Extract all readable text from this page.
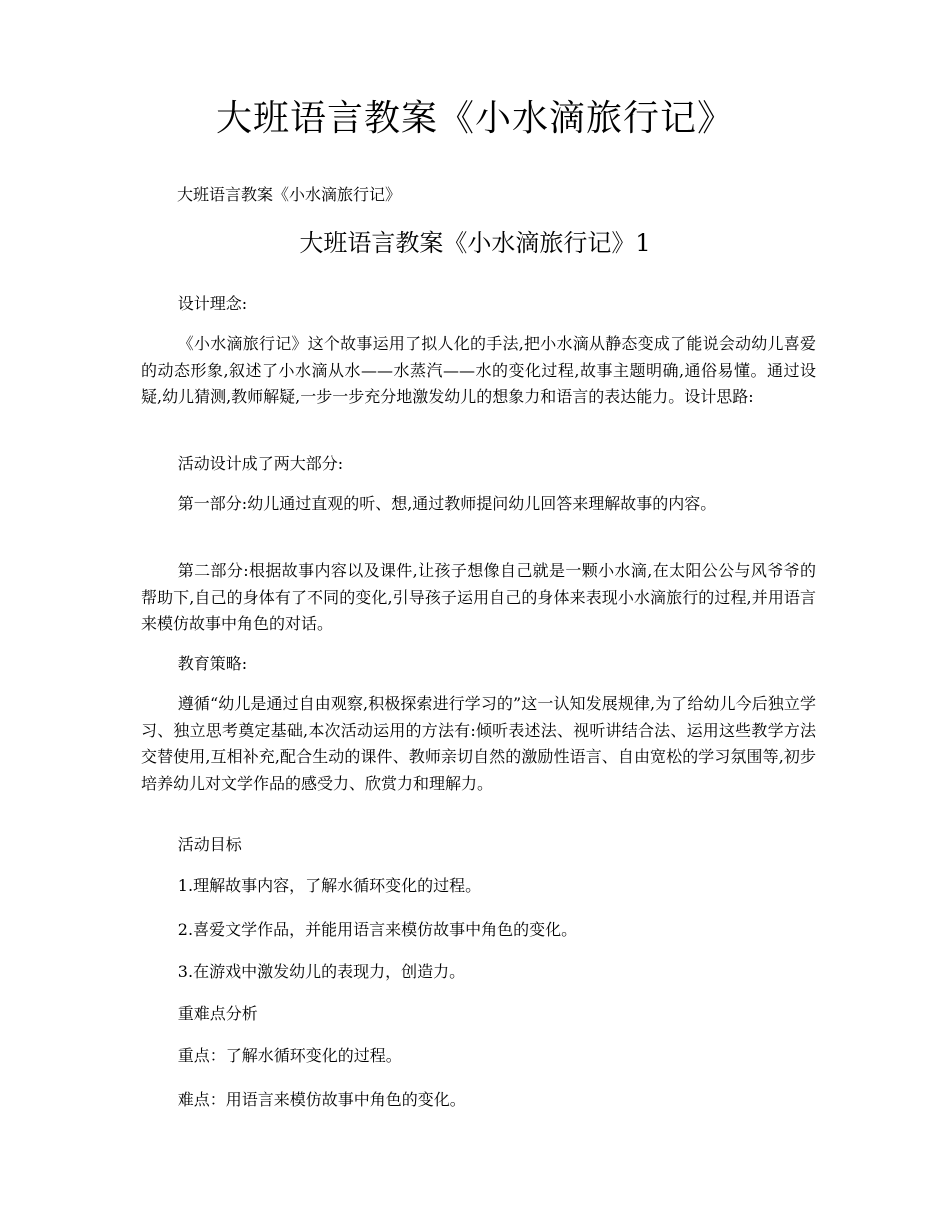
大班语言教案《小水滴旅行记》

大班语言教案《小水滴旅行记》

大班语言教案《小水滴旅行记》1

设计理念:

《小水滴旅行记》这个故事运用了拟人化的手法,把小水滴从静态变成了能说会动幼儿喜爱的动态形象,叙述了小水滴从水——水蒸汽——水的变化过程,故事主题明确,通俗易懂。通过设疑,幼儿猜测,教师解疑,一步一步充分地激发幼儿的想象力和语言的表达能力。设计思路:

活动设计成了两大部分:

第一部分:幼儿通过直观的听、想,通过教师提问幼儿回答来理解故事的内容。

第二部分:根据故事内容以及课件,让孩子想像自己就是一颗小水滴,在太阳公公与风爷爷的帮助下,自己的身体有了不同的变化,引导孩子运用自己的身体来表现小水滴旅行的过程,并用语言来模仿故事中角色的对话。

教育策略:

遵循“幼儿是通过自由观察,积极探索进行学习的”这一认知发展规律,为了给幼儿今后独立学习、独立思考奠定基础,本次活动运用的方法有:倾听表述法、视听讲结合法、运用这些教学方法交替使用,互相补充,配合生动的课件、教师亲切自然的激励性语言、自由宽松的学习氛围等,初步培养幼儿对文学作品的感受力、欣赏力和理解力。

活动目标

1.理解故事内容，了解水循环变化的过程。

2.喜爱文学作品，并能用语言来模仿故事中角色的变化。

3.在游戏中激发幼儿的表现力，创造力。

重难点分析

重点：了解水循环变化的过程。

难点：用语言来模仿故事中角色的变化。
